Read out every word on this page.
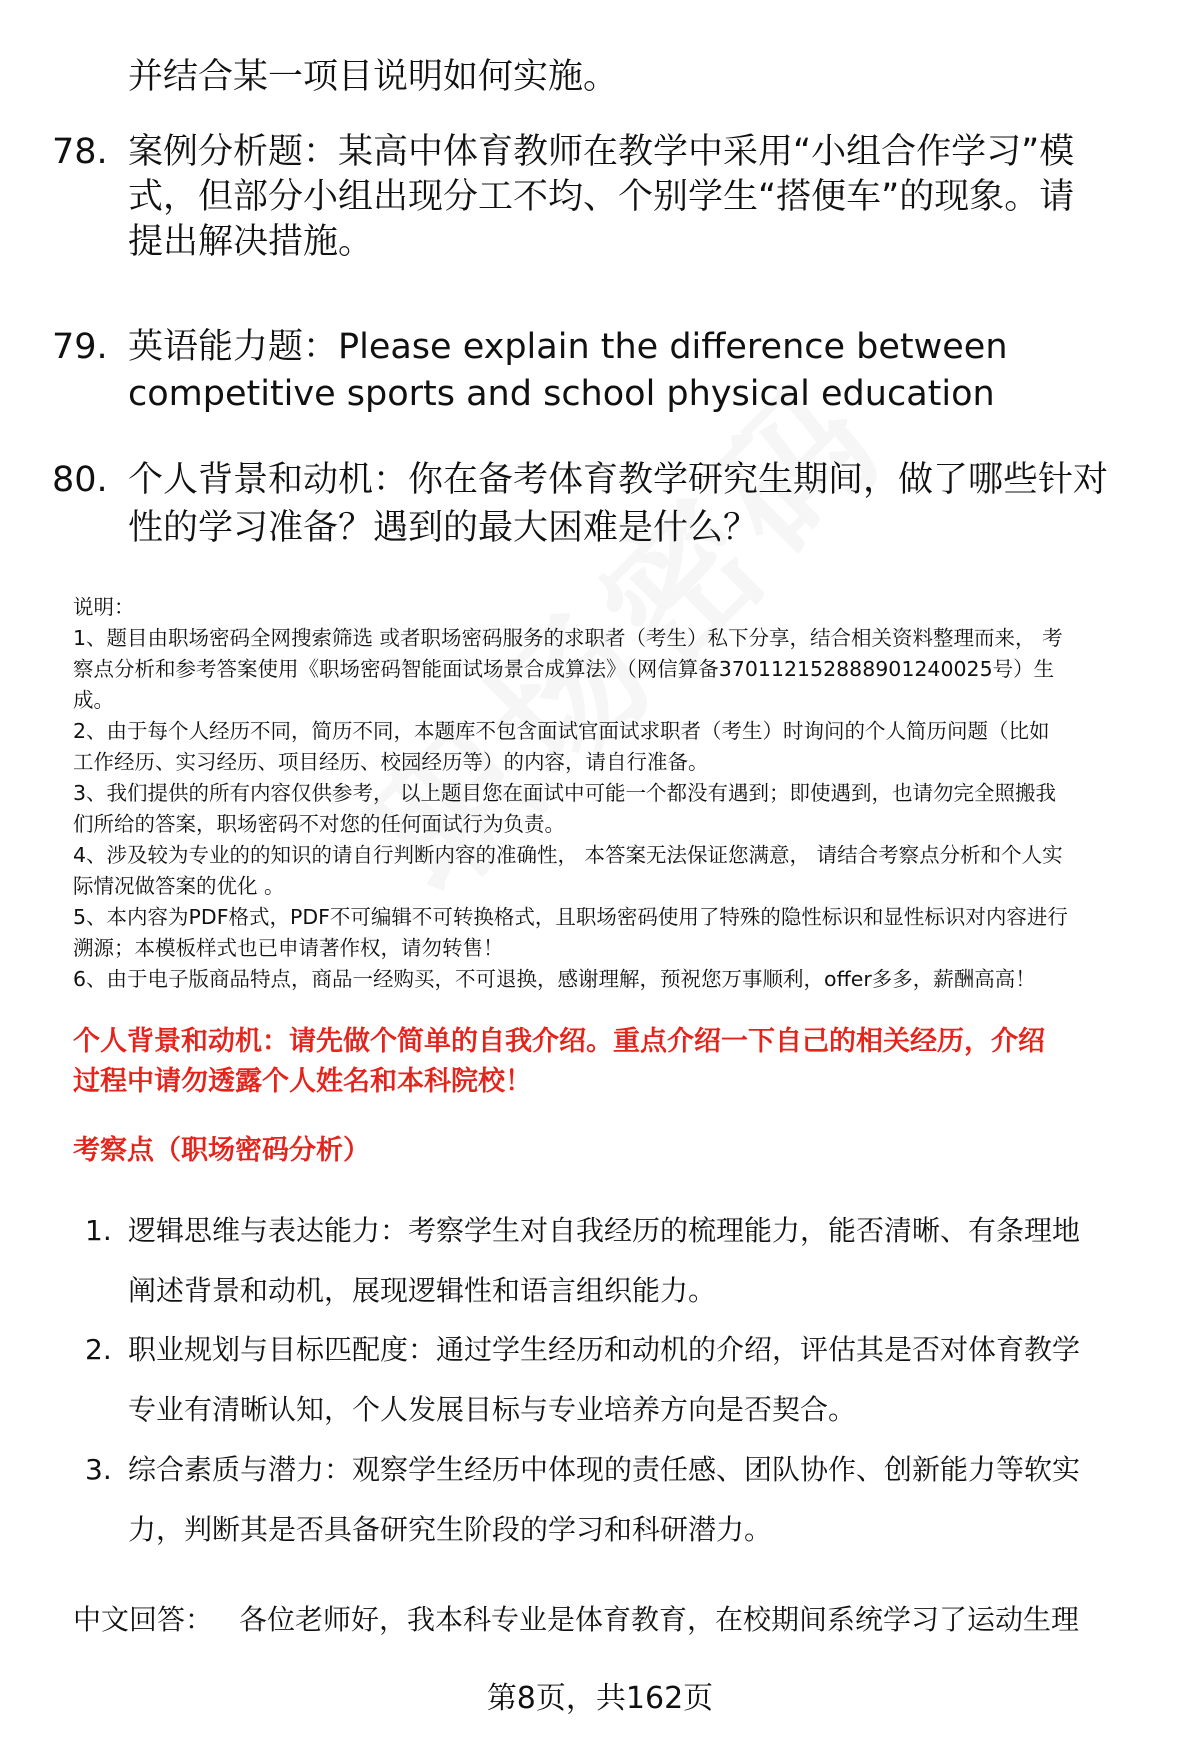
并结合某一项目说明如何实施。
78. 案例分析题：某高中体育教师在教学中采用“小组合作学习”模
式，但部分小组出现分工不均、个别学生“搭便车”的现象。请
提出解决措施。
79. 英语能力题：Please explain the difference between
competitive sports and school physical education
80. 个人背景和动机：你在备考体育教学研究生期间，做了哪些针对
性的学习准备？遇到的最大困难是什么？
说明：
1、题目由职场密码全网搜索筛选 或者职场密码服务的求职者（考生）私下分享，结合相关资料整理而来， 考
察点分析和参考答案使用《职场密码智能面试场景合成算法》（网信算备370112152888901240025号）生
成。
2、由于每个人经历不同，简历不同，本题库不包含面试官面试求职者（考生）时询问的个人简历问题（比如
工作经历、实习经历、项目经历、校园经历等）的内容，请自行准备。
3、我们提供的所有内容仅供参考， 以上题目您在面试中可能一个都没有遇到；即使遇到，也请勿完全照搬我
们所给的答案，职场密码不对您的任何面试行为负责。
4、涉及较为专业的的知识的请自行判断内容的准确性， 本答案无法保证您满意， 请结合考察点分析和个人实
际情况做答案的优化 。
5、本内容为PDF格式，PDF不可编辑不可转换格式，且职场密码使用了特殊的隐性标识和显性标识对内容进行
溯源；本模板样式也已申请著作权，请勿转售！
6、由于电子版商品特点，商品一经购买，不可退换，感谢理解，预祝您万事顺利，offer多多，薪酬高高！
个人背景和动机：请先做个简单的自我介绍。重点介绍一下自己的相关经历，介绍
过程中请勿透露个人姓名和本科院校！
考察点（职场密码分析）
1. 逻辑思维与表达能力：考察学生对自我经历的梳理能力，能否清晰、有条理地
阐述背景和动机，展现逻辑性和语言组织能力。
2. 职业规划与目标匹配度：通过学生经历和动机的介绍，评估其是否对体育教学
专业有清晰认知，个人发展目标与专业培养方向是否契合。
3. 综合素质与潜力：观察学生经历中体现的责任感、团队协作、创新能力等软实
力，判断其是否具备研究生阶段的学习和科研潜力。
中文回答： 各位老师好，我本科专业是体育教育，在校期间系统学习了运动生理
第8页，共162页
